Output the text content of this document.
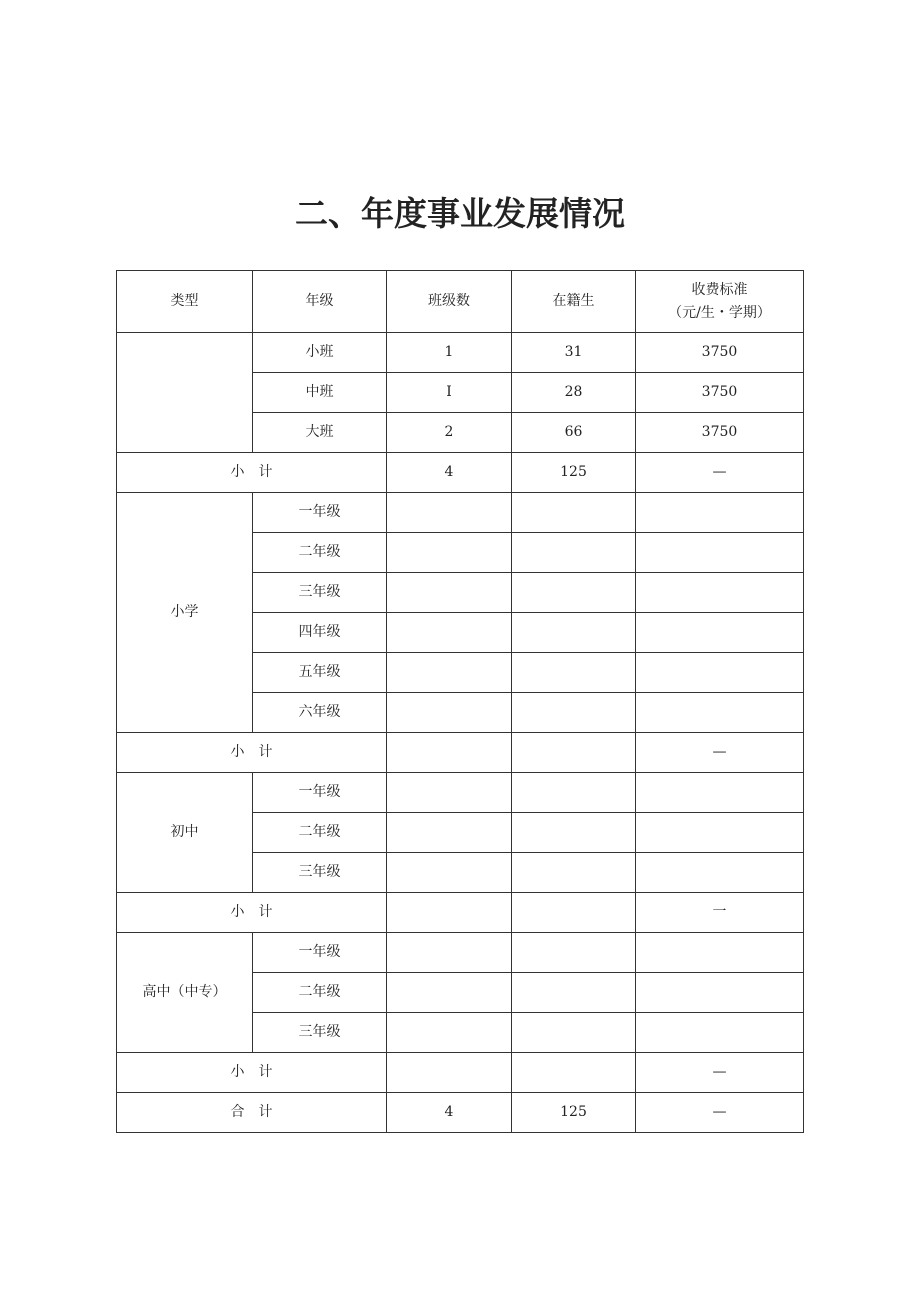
二、年度事业发展情况
类型	年级	班级数	在籍生	收费标准
（元/生・学期）

	小班	1	31	3750
	中班	I	28	3750
	大班	2	66	3750
小　计		4	125	—
小学	一年级			
	二年级			
	三年级			
	四年级			
	五年级			
	六年级			
小　计				—
初中	一年级			
	二年级			
	三年级			
小　计				一
高中（中专）	一年级			
	二年级			
	三年级			
小　计				—
合　计		4	125	—
